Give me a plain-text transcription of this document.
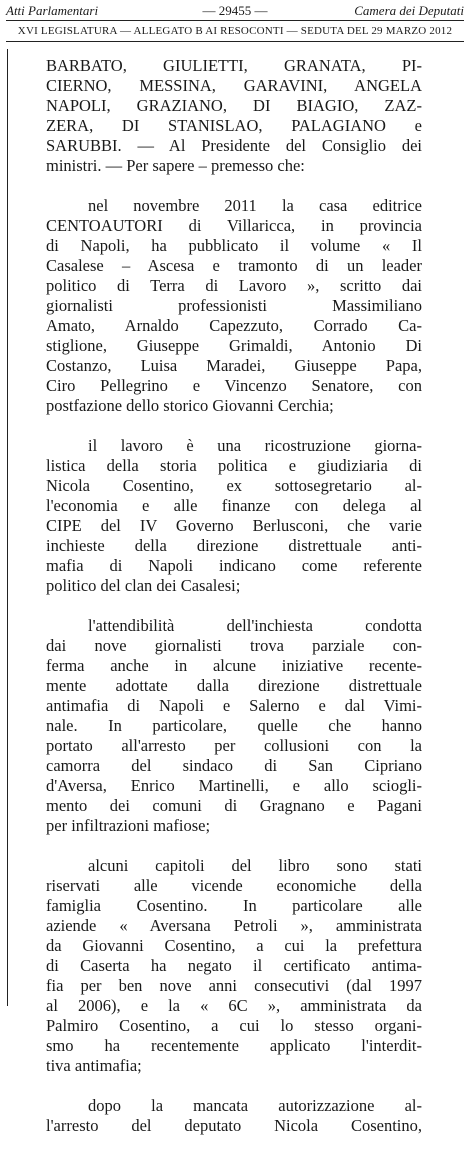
Atti Parlamentari	— 29455 —	Camera dei Deputati
XVI LEGISLATURA — ALLEGATO B AI RESOCONTI — SEDUTA DEL 29 MARZO 2012
BARBATO, GIULIETTI, GRANATA, PI-
CIERNO, MESSINA, GARAVINI, ANGELA
NAPOLI, GRAZIANO, DI BIAGIO, ZAZ-
ZERA, DI STANISLAO, PALAGIANO e
SARUBBI. — Al Presidente del Consiglio dei
ministri. — Per sapere – premesso che:
nel novembre 2011 la casa editrice
CENTOAUTORI di Villaricca, in provincia
di Napoli, ha pubblicato il volume « Il
Casalese – Ascesa e tramonto di un leader
politico di Terra di Lavoro », scritto dai
giornalisti professionisti Massimiliano
Amato, Arnaldo Capezzuto, Corrado Ca-
stiglione, Giuseppe Grimaldi, Antonio Di
Costanzo, Luisa Maradei, Giuseppe Papa,
Ciro Pellegrino e Vincenzo Senatore, con
postfazione dello storico Giovanni Cerchia;
il lavoro è una ricostruzione giorna-
listica della storia politica e giudiziaria di
Nicola Cosentino, ex sottosegretario al-
l'economia e alle finanze con delega al
CIPE del IV Governo Berlusconi, che varie
inchieste della direzione distrettuale anti-
mafia di Napoli indicano come referente
politico del clan dei Casalesi;
l'attendibilità dell'inchiesta condotta
dai nove giornalisti trova parziale con-
ferma anche in alcune iniziative recente-
mente adottate dalla direzione distrettuale
antimafia di Napoli e Salerno e dal Vimi-
nale. In particolare, quelle che hanno
portato all'arresto per collusioni con la
camorra del sindaco di San Cipriano
d'Aversa, Enrico Martinelli, e allo sciogli-
mento dei comuni di Gragnano e Pagani
per infiltrazioni mafiose;
alcuni capitoli del libro sono stati
riservati alle vicende economiche della
famiglia Cosentino. In particolare alle
aziende « Aversana Petroli », amministrata
da Giovanni Cosentino, a cui la prefettura
di Caserta ha negato il certificato antima-
fia per ben nove anni consecutivi (dal 1997
al 2006), e la « 6C », amministrata da
Palmiro Cosentino, a cui lo stesso organi-
smo ha recentemente applicato l'interdit-
tiva antimafia;
dopo la mancata autorizzazione al-
l'arresto del deputato Nicola Cosentino,
